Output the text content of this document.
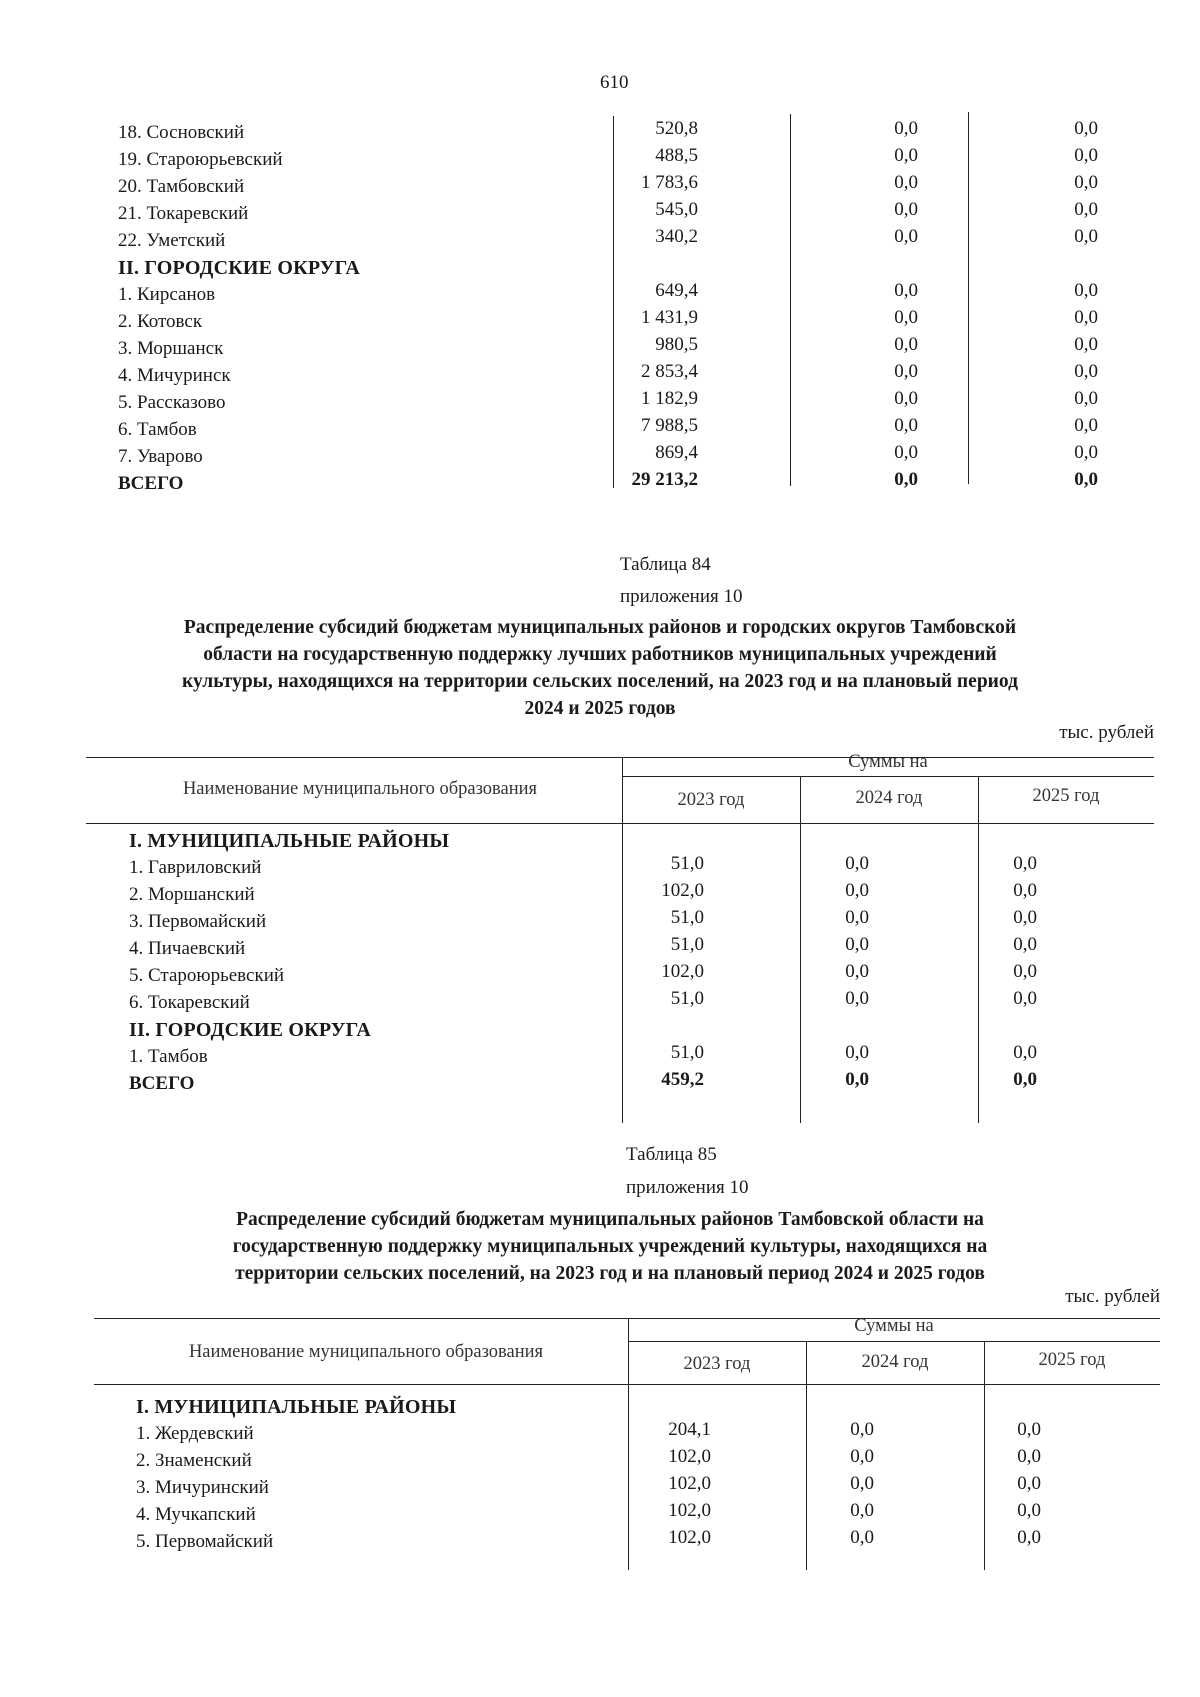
610
18. Сосновский	520,8	0,0	0,0
19. Староюрьевский	488,5	0,0	0,0
20. Тамбовский	1 783,6	0,0	0,0
21. Токаревский	545,0	0,0	0,0
22. Уметский	340,2	0,0	0,0
II. ГОРОДСКИЕ ОКРУГА
1. Кирсанов	649,4	0,0	0,0
2. Котовск	1 431,9	0,0	0,0
3. Моршанск	980,5	0,0	0,0
4. Мичуринск	2 853,4	0,0	0,0
5. Рассказово	1 182,9	0,0	0,0
6. Тамбов	7 988,5	0,0	0,0
7. Уварово	869,4	0,0	0,0
ВСЕГО	29 213,2	0,0	0,0
Таблица 84
приложения 10
Распределение субсидий бюджетам муниципальных районов и городских округов Тамбовской
области на государственную поддержку лучших работников муниципальных учреждений
культуры, находящихся на территории сельских поселений, на 2023 год и на плановый период
2024 и 2025 годов
тыс. рублей
Наименование муниципального образования
Суммы на
2023 год	2024 год	2025 год
I. МУНИЦИПАЛЬНЫЕ РАЙОНЫ
1. Гавриловский	51,0	0,0	0,0
2. Моршанский	102,0	0,0	0,0
3. Первомайский	51,0	0,0	0,0
4. Пичаевский	51,0	0,0	0,0
5. Староюрьевский	102,0	0,0	0,0
6. Токаревский	51,0	0,0	0,0
II. ГОРОДСКИЕ ОКРУГА
1. Тамбов	51,0	0,0	0,0
ВСЕГО	459,2	0,0	0,0
Таблица 85
приложения 10
Распределение субсидий бюджетам муниципальных районов Тамбовской области на
государственную поддержку муниципальных учреждений культуры, находящихся на
территории сельских поселений, на 2023 год и на плановый период 2024 и 2025 годов
тыс. рублей
Наименование муниципального образования
Суммы на
2023 год	2024 год	2025 год
I. МУНИЦИПАЛЬНЫЕ РАЙОНЫ
1. Жердевский	204,1	0,0	0,0
2. Знаменский	102,0	0,0	0,0
3. Мичуринский	102,0	0,0	0,0
4. Мучкапский	102,0	0,0	0,0
5. Первомайский	102,0	0,0	0,0
